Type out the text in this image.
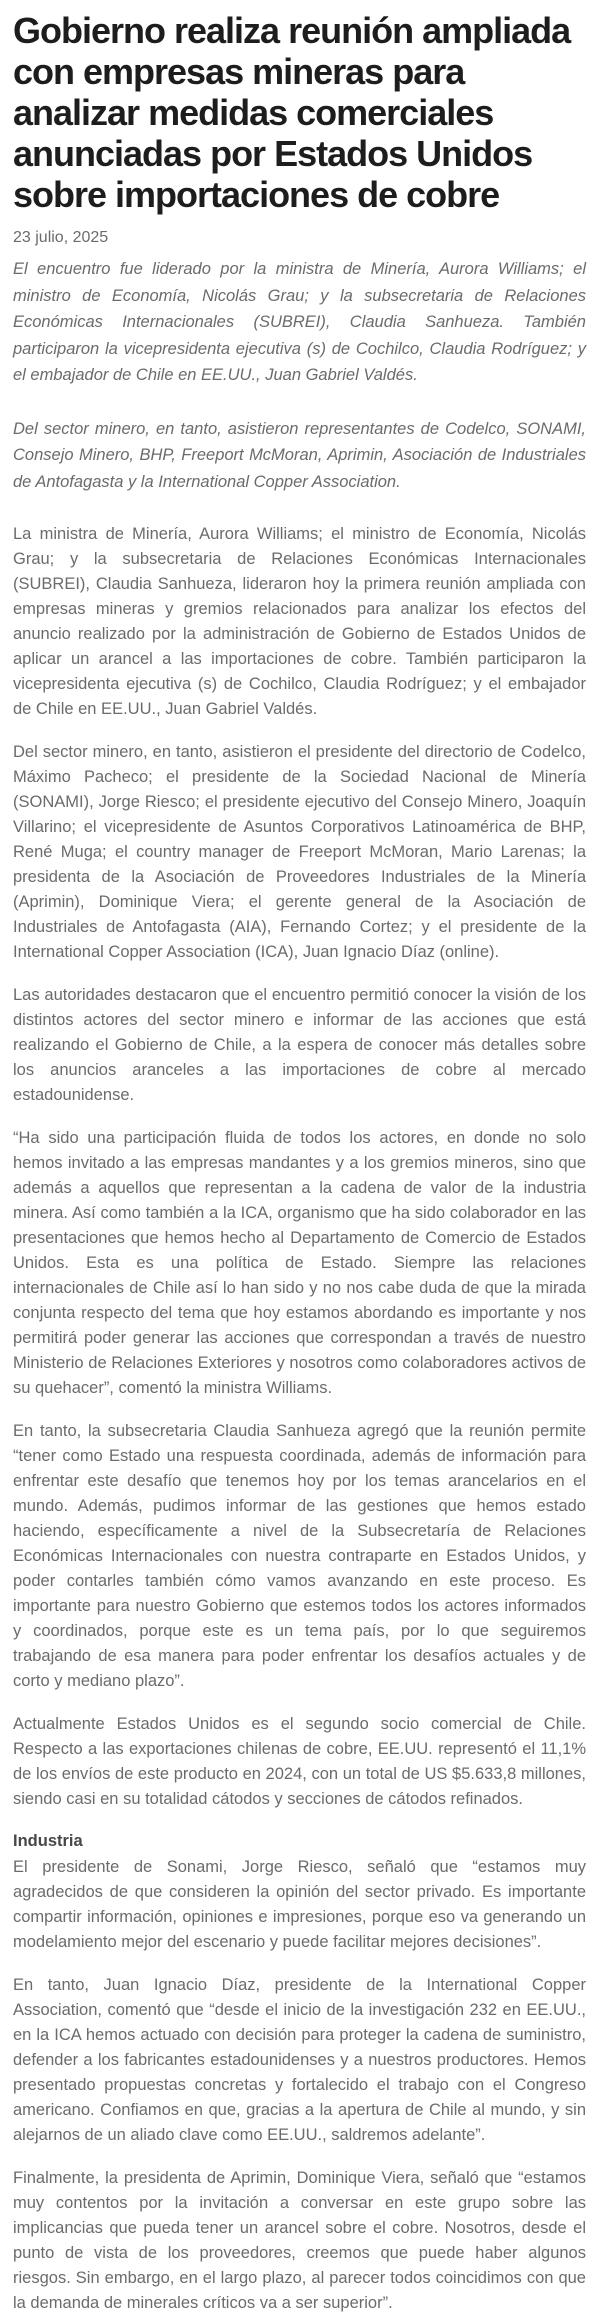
Gobierno realiza reunión ampliada con empresas mineras para analizar medidas comerciales anunciadas por Estados Unidos sobre importaciones de cobre
23 julio, 2025

El encuentro fue liderado por la ministra de Minería, Aurora Williams; el ministro de Economía, Nicolás Grau; y la subsecretaria de Relaciones Económicas Internacionales (SUBREI), Claudia Sanhueza. También participaron la vicepresidenta ejecutiva (s) de Cochilco, Claudia Rodríguez; y el embajador de Chile en EE.UU., Juan Gabriel Valdés.

Del sector minero, en tanto, asistieron representantes de Codelco, SONAMI, Consejo Minero, BHP, Freeport McMoran, Aprimin, Asociación de Industriales de Antofagasta y la International Copper Association.

La ministra de Minería, Aurora Williams; el ministro de Economía, Nicolás Grau; y la subsecretaria de Relaciones Económicas Internacionales (SUBREI), Claudia Sanhueza, lideraron hoy la primera reunión ampliada con empresas mineras y gremios relacionados para analizar los efectos del anuncio realizado por la administración de Gobierno de Estados Unidos de aplicar un arancel a las importaciones de cobre. También participaron la vicepresidenta ejecutiva (s) de Cochilco, Claudia Rodríguez; y el embajador de Chile en EE.UU., Juan Gabriel Valdés.

Del sector minero, en tanto, asistieron el presidente del directorio de Codelco, Máximo Pacheco; el presidente de la Sociedad Nacional de Minería (SONAMI), Jorge Riesco; el presidente ejecutivo del Consejo Minero, Joaquín Villarino; el vicepresidente de Asuntos Corporativos Latinoamérica de BHP, René Muga; el country manager de Freeport McMoran, Mario Larenas; la presidenta de la Asociación de Proveedores Industriales de la Minería (Aprimin), Dominique Viera; el gerente general de la Asociación de Industriales de Antofagasta (AIA), Fernando Cortez; y el presidente de la International Copper Association (ICA), Juan Ignacio Díaz (online).

Las autoridades destacaron que el encuentro permitió conocer la visión de los distintos actores del sector minero e informar de las acciones que está realizando el Gobierno de Chile, a la espera de conocer más detalles sobre los anuncios aranceles a las importaciones de cobre al mercado estadounidense.

“Ha sido una participación fluida de todos los actores, en donde no solo hemos invitado a las empresas mandantes y a los gremios mineros, sino que además a aquellos que representan a la cadena de valor de la industria minera. Así como también a la ICA, organismo que ha sido colaborador en las presentaciones que hemos hecho al Departamento de Comercio de Estados Unidos. Esta es una política de Estado. Siempre las relaciones internacionales de Chile así lo han sido y no nos cabe duda de que la mirada conjunta respecto del tema que hoy estamos abordando es importante y nos permitirá poder generar las acciones que correspondan a través de nuestro Ministerio de Relaciones Exteriores y nosotros como colaboradores activos de su quehacer”, comentó la ministra Williams.

En tanto, la subsecretaria Claudia Sanhueza agregó que la reunión permite “tener como Estado una respuesta coordinada, además de información para enfrentar este desafío que tenemos hoy por los temas arancelarios en el mundo. Además, pudimos informar de las gestiones que hemos estado haciendo, específicamente a nivel de la Subsecretaría de Relaciones Económicas Internacionales con nuestra contraparte en Estados Unidos, y poder contarles también cómo vamos avanzando en este proceso. Es importante para nuestro Gobierno que estemos todos los actores informados y coordinados, porque este es un tema país, por lo que seguiremos trabajando de esa manera para poder enfrentar los desafíos actuales y de corto y mediano plazo”.

Actualmente Estados Unidos es el segundo socio comercial de Chile. Respecto a las exportaciones chilenas de cobre, EE.UU. representó el 11,1% de los envíos de este producto en 2024, con un total de US $5.633,8 millones, siendo casi en su totalidad cátodos y secciones de cátodos refinados.

Industria

El presidente de Sonami, Jorge Riesco, señaló que “estamos muy agradecidos de que consideren la opinión del sector privado. Es importante compartir información, opiniones e impresiones, porque eso va generando un modelamiento mejor del escenario y puede facilitar mejores decisiones”.

En tanto, Juan Ignacio Díaz, presidente de la International Copper Association, comentó que “desde el inicio de la investigación 232 en EE.UU., en la ICA hemos actuado con decisión para proteger la cadena de suministro, defender a los fabricantes estadounidenses y a nuestros productores. Hemos presentado propuestas concretas y fortalecido el trabajo con el Congreso americano. Confiamos en que, gracias a la apertura de Chile al mundo, y sin alejarnos de un aliado clave como EE.UU., saldremos adelante”.

Finalmente, la presidenta de Aprimin, Dominique Viera, señaló que “estamos muy contentos por la invitación a conversar en este grupo sobre las implicancias que pueda tener un arancel sobre el cobre. Nosotros, desde el punto de vista de los proveedores, creemos que puede haber algunos riesgos. Sin embargo, en el largo plazo, al parecer todos coincidimos con que la demanda de minerales críticos va a ser superior”.
